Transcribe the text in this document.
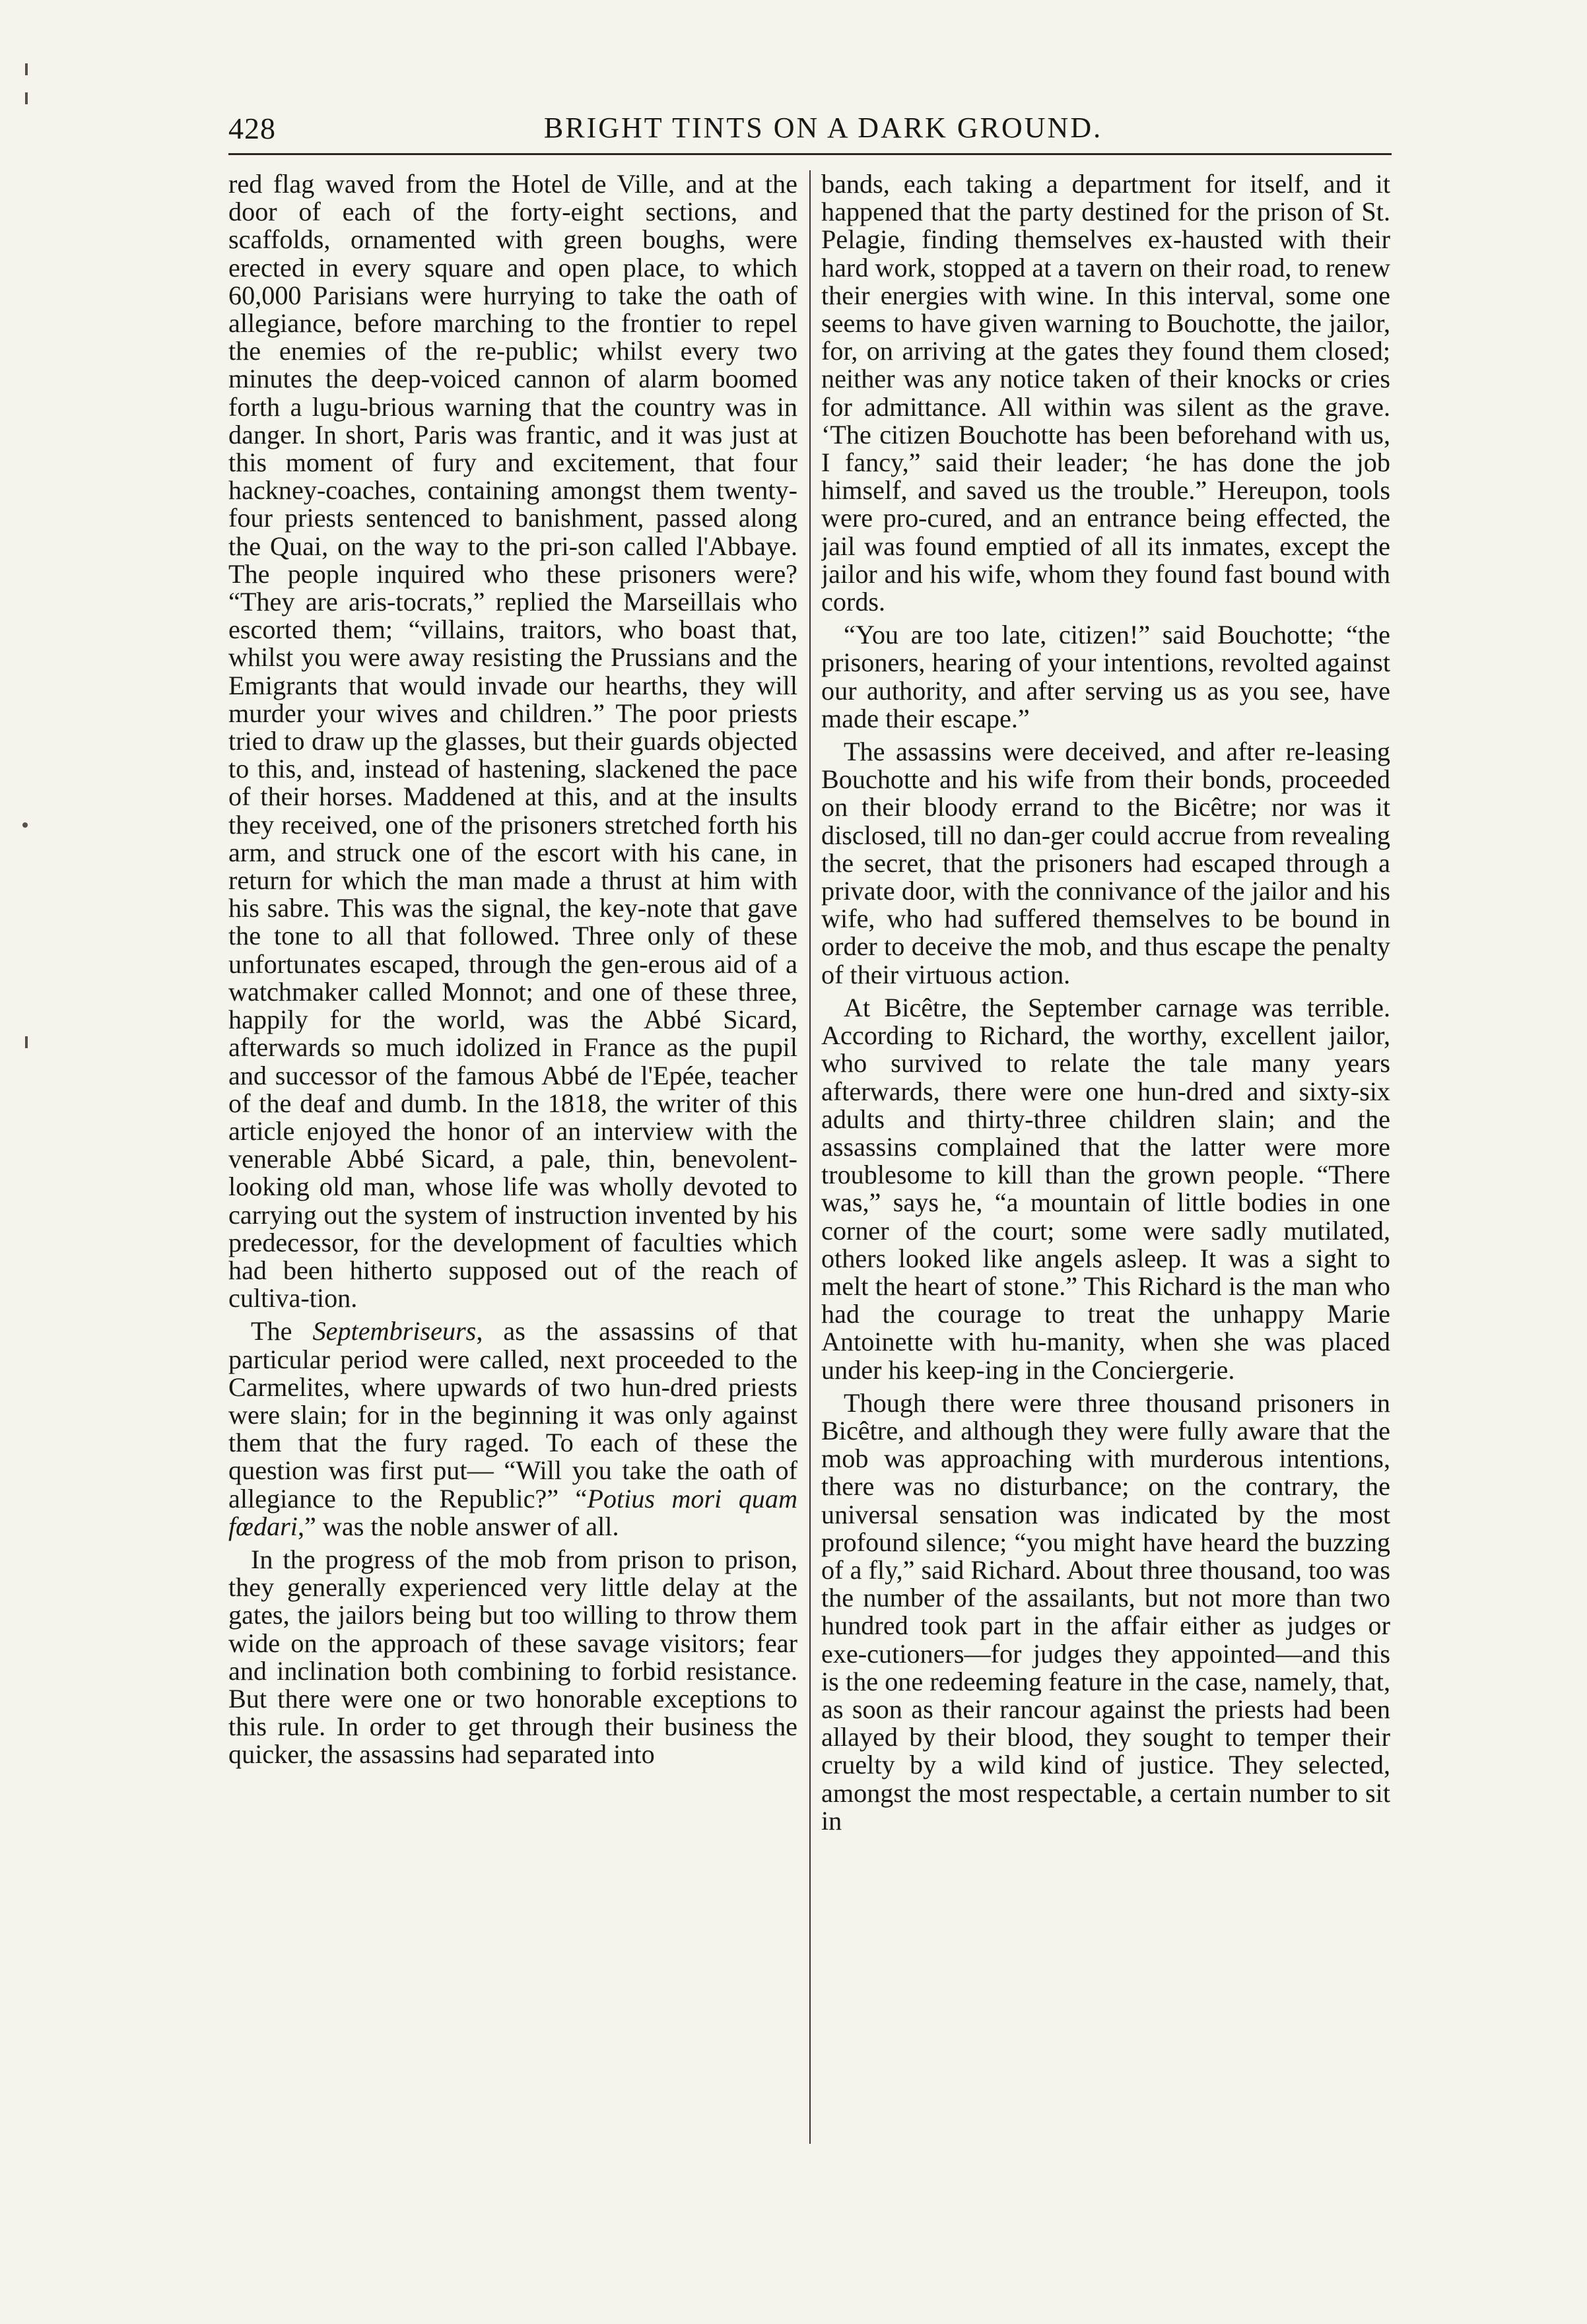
428	BRIGHT TINTS ON A DARK GROUND.

red flag waved from the Hotel de Ville, and at the door of each of the forty-eight sections, and scaffolds, ornamented with green boughs, were erected in every square and open place, to which 60,000 Parisians were hurrying to take the oath of allegiance, before marching to the frontier to repel the enemies of the re-public; whilst every two minutes the deep-voiced cannon of alarm boomed forth a lugu-brious warning that the country was in danger. In short, Paris was frantic, and it was just at this moment of fury and excitement, that four hackney-coaches, containing amongst them twenty-four priests sentenced to banishment, passed along the Quai, on the way to the pri-son called l'Abbaye. The people inquired who these prisoners were? “They are aris-tocrats,” replied the Marseillais who escorted them; “villains, traitors, who boast that, whilst you were away resisting the Prussians and the Emigrants that would invade our hearths, they will murder your wives and children.” The poor priests tried to draw up the glasses, but their guards objected to this, and, instead of hastening, slackened the pace of their horses. Maddened at this, and at the insults they received, one of the prisoners stretched forth his arm, and struck one of the escort with his cane, in return for which the man made a thrust at him with his sabre. This was the signal, the key-note that gave the tone to all that followed. Three only of these unfortunates escaped, through the gen-erous aid of a watchmaker called Monnot; and one of these three, happily for the world, was the Abbé Sicard, afterwards so much idolized in France as the pupil and successor of the famous Abbé de l'Epée, teacher of the deaf and dumb. In the 1818, the writer of this article enjoyed the honor of an interview with the venerable Abbé Sicard, a pale, thin, benevolent-looking old man, whose life was wholly devoted to carrying out the system of instruction invented by his predecessor, for the development of faculties which had been hitherto supposed out of the reach of cultiva-tion.

The Septembriseurs, as the assassins of that particular period were called, next proceeded to the Carmelites, where upwards of two hun-dred priests were slain; for in the beginning it was only against them that the fury raged. To each of these the question was first put— “Will you take the oath of allegiance to the Republic?” “Potius mori quam fœdari,” was the noble answer of all.

In the progress of the mob from prison to prison, they generally experienced very little delay at the gates, the jailors being but too willing to throw them wide on the approach of these savage visitors; fear and inclination both combining to forbid resistance. But there were one or two honorable exceptions to this rule. In order to get through their business the quicker, the assassins had separated into

bands, each taking a department for itself, and it happened that the party destined for the prison of St. Pelagie, finding themselves ex-hausted with their hard work, stopped at a tavern on their road, to renew their energies with wine. In this interval, some one seems to have given warning to Bouchotte, the jailor, for, on arriving at the gates they found them closed; neither was any notice taken of their knocks or cries for admittance. All within was silent as the grave. ‘The citizen Bouchotte has been beforehand with us, I fancy,” said their leader; ‘he has done the job himself, and saved us the trouble.” Hereupon, tools were pro-cured, and an entrance being effected, the jail was found emptied of all its inmates, except the jailor and his wife, whom they found fast bound with cords.

“You are too late, citizen!” said Bouchotte; “the prisoners, hearing of your intentions, revolted against our authority, and after serving us as you see, have made their escape.”

The assassins were deceived, and after re-leasing Bouchotte and his wife from their bonds, proceeded on their bloody errand to the Bicêtre; nor was it disclosed, till no dan-ger could accrue from revealing the secret, that the prisoners had escaped through a private door, with the connivance of the jailor and his wife, who had suffered themselves to be bound in order to deceive the mob, and thus escape the penalty of their virtuous action.

At Bicêtre, the September carnage was terrible. According to Richard, the worthy, excellent jailor, who survived to relate the tale many years afterwards, there were one hun-dred and sixty-six adults and thirty-three children slain; and the assassins complained that the latter were more troublesome to kill than the grown people. “There was,” says he, “a mountain of little bodies in one corner of the court; some were sadly mutilated, others looked like angels asleep. It was a sight to melt the heart of stone.” This Richard is the man who had the courage to treat the unhappy Marie Antoinette with hu-manity, when she was placed under his keep-ing in the Conciergerie.

Though there were three thousand prisoners in Bicêtre, and although they were fully aware that the mob was approaching with murderous intentions, there was no disturbance; on the contrary, the universal sensation was indicated by the most profound silence; “you might have heard the buzzing of a fly,” said Richard. About three thousand, too was the number of the assailants, but not more than two hundred took part in the affair either as judges or exe-cutioners—for judges they appointed—and this is the one redeeming feature in the case, namely, that, as soon as their rancour against the priests had been allayed by their blood, they sought to temper their cruelty by a wild kind of justice. They selected, amongst the most respectable, a certain number to sit in
